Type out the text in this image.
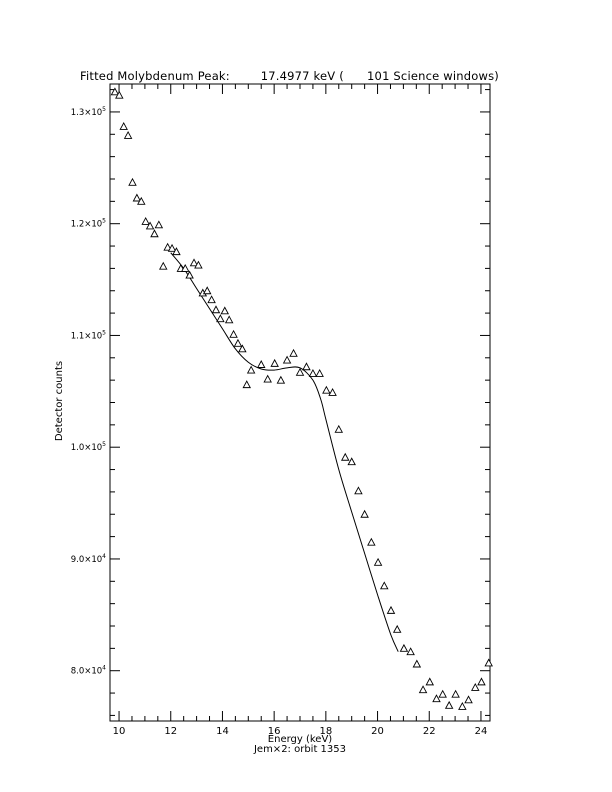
Fitted Molybdenum Peak:	17.4977 keV ( 101 Science windows)
10	12	14	16	18	20	22	24
$8.0\times 10^4$
$9.0\times 10^4$
$1.0\times 10^5$
$1.1\times 10^5$
$1.2\times 10^5$
$1.3\times 10^5$
Detector counts
Energy (keV)
Jem×2: orbit 1353
